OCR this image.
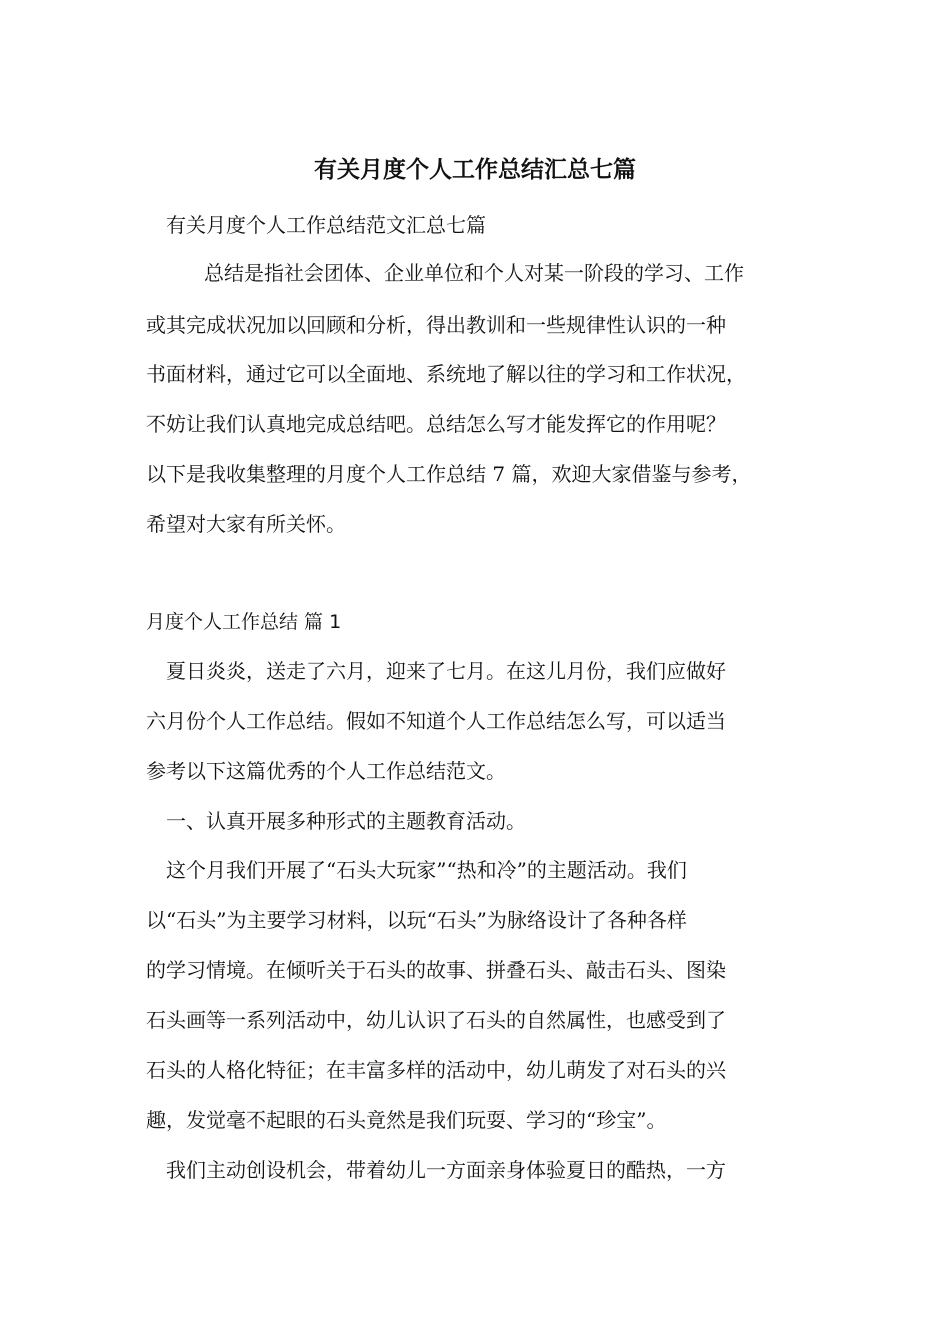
有关月度个人工作总结汇总七篇

有关月度个人工作总结范文汇总七篇

总结是指社会团体、企业单位和个人对某一阶段的学习、工作

或其完成状况加以回顾和分析，得出教训和一些规律性认识的一种

书面材料，通过它可以全面地、系统地了解以往的学习和工作状况，

不妨让我们认真地完成总结吧。总结怎么写才能发挥它的作用呢？

以下是我收集整理的月度个人工作总结 7 篇，欢迎大家借鉴与参考，

希望对大家有所关怀。

月度个人工作总结 篇 1

夏日炎炎，送走了六月，迎来了七月。在这儿月份，我们应做好

六月份个人工作总结。假如不知道个人工作总结怎么写，可以适当

参考以下这篇优秀的个人工作总结范文。

一、认真开展多种形式的主题教育活动。

这个月我们开展了“石头大玩家”“热和冷”的主题活动。我们

以“石头”为主要学习材料，以玩“石头”为脉络设计了各种各样

的学习情境。在倾听关于石头的故事、拼叠石头、敲击石头、图染

石头画等一系列活动中，幼儿认识了石头的自然属性，也感受到了

石头的人格化特征；在丰富多样的活动中，幼儿萌发了对石头的兴

趣，发觉毫不起眼的石头竟然是我们玩耍、学习的“珍宝”。

我们主动创设机会，带着幼儿一方面亲身体验夏日的酷热，一方
